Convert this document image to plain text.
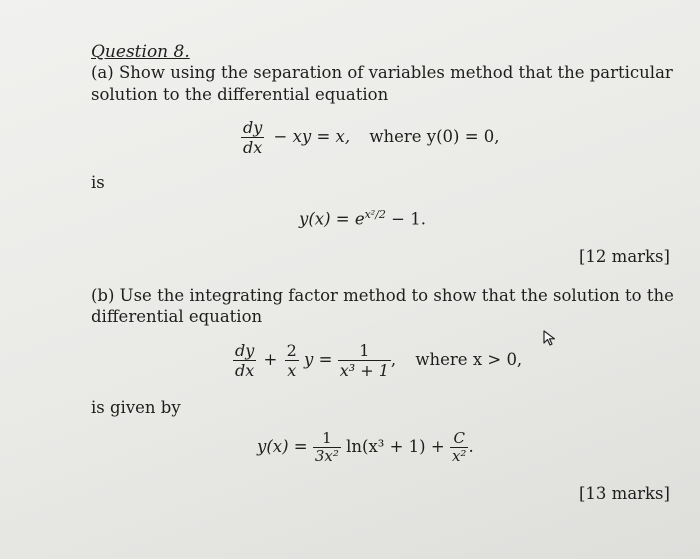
Question 8.
(a) Show using the separation of variables method that the particular
solution to the differential equation
$\frac{dy}{dx}$ − xy = x, where y(0) = 0,
is
$y(x) = e^{x^2/2} - 1$.
[12 marks]
(b) Use the integrating factor method to show that the solution to the
differential equation
$\frac{dy}{dx} + \frac{2}{x}$ $y = \frac{1}{\text{x³ + 1}}$ , where x > 0,
is given by
$y(x) = \frac{1}{\text{3x²}} \ln(x^3 + 1) + \frac{C}{\text{x²}}$ .
[13 marks]
